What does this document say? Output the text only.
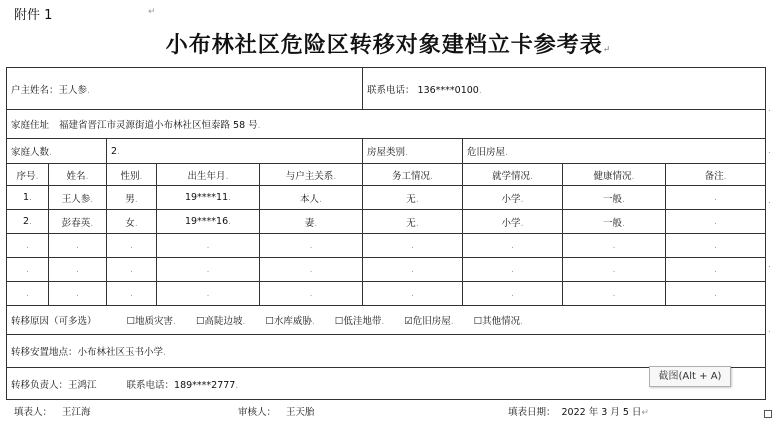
附件 1	↵
小布林社区危险区转移对象建档立卡参考表↵
户主姓名：王人参.					联系电话： 136****0100.			
家庭住址 福建省晋江市灵源街道小布林社区恒泰路 58 号.								
家庭人数.		2.			房屋类别.	危旧房屋.		
序号.	姓名.	性别.	出生年月.	与户主关系.	务工情况.	就学情况.	健康情况.	备注.
1.	王人参.	男.	19****11.	本人.	无.	小学.	一般.	.
2.	彭春英.	女.	19****16.	妻.	无.	小学.	一般.	.
.	.	.	.	.	.	.	.	.
.	.	.	.	.	.	.	.	.
.	.	.	.	.	.	.	.	.
转移原因（可多选） ☐地质灾害. ☐高陡边坡. ☐水库威胁. ☐低洼地带. ☑危旧房屋. ☐其他情况.								
转移安置地点：小布林社区玉书小学.								
转移负责人：王鸿江 联系电话：189****2777.								
.
.
.
.
.
填表人： 王江海	审核人： 王天胎	填表日期： 2022 年 3 月 5 日↵
截图(Alt + A)
